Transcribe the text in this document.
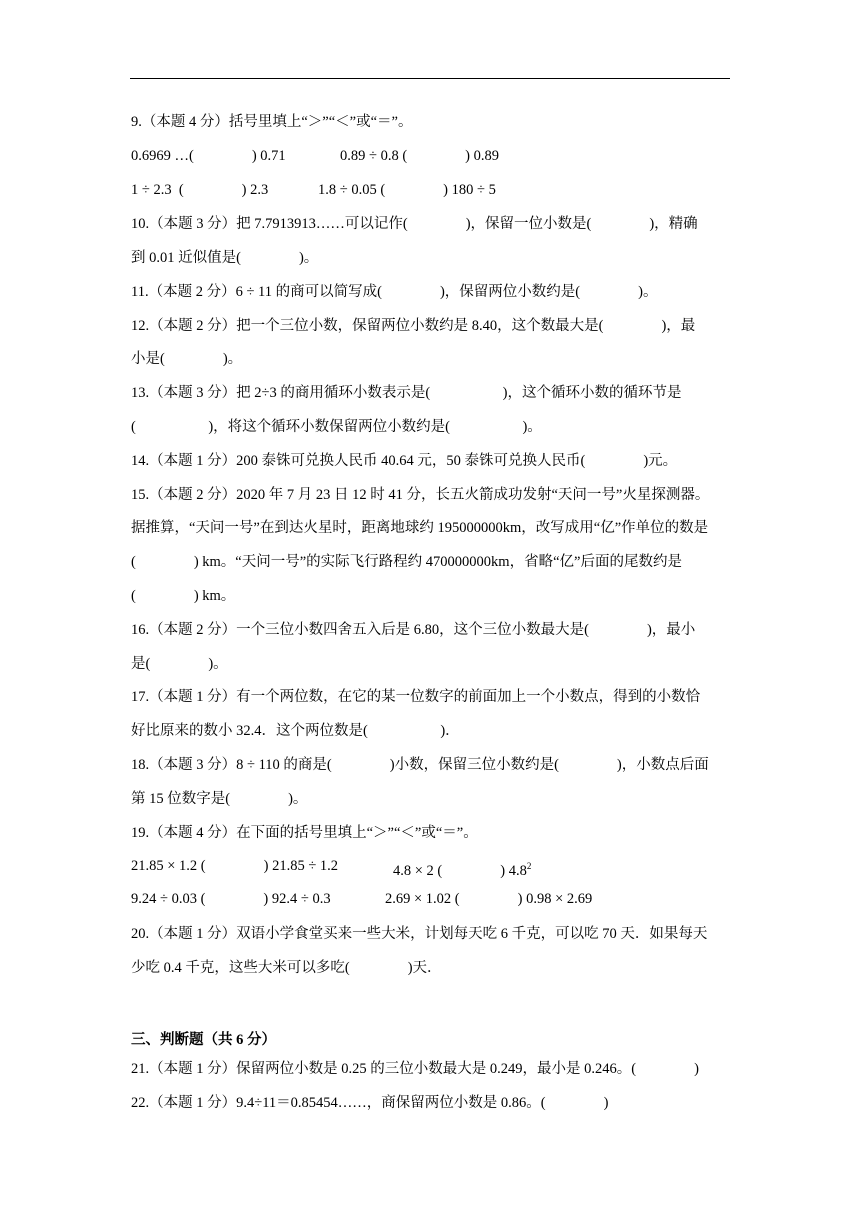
9.（本题 4 分）括号里填上“＞”“＜”或“＝”。
0.6969 …(　　　　) 0.71	0.89 ÷ 0.8 (　　　　) 0.89
1 ÷ 2.3  (　　　　) 2.3	1.8 ÷ 0.05 (　　　　) 180 ÷ 5
10.（本题 3 分）把 7.7913913……可以记作(　　　　)，保留一位小数是(　　　　)，精确
到 0.01 近似值是(　　　　)。
11.（本题 2 分）6 ÷ 11 的商可以简写成(　　　　)，保留两位小数约是(　　　　)。
12.（本题 2 分）把一个三位小数，保留两位小数约是 8.40，这个数最大是(　　　　)，最
小是(　　　　)。
13.（本题 3 分）把 2÷3 的商用循环小数表示是(　　　　　)，这个循环小数的循环节是
(　　　　　)，将这个循环小数保留两位小数约是(　　　　　)。
14.（本题 1 分）200 泰铢可兑换人民币 40.64 元，50 泰铢可兑换人民币(　　　　)元。
15.（本题 2 分）2020 年 7 月 23 日 12 时 41 分，长五火箭成功发射“天问一号”火星探测器。
据推算，“天问一号”在到达火星时，距离地球约 195000000km，改写成用“亿”作单位的数是
(　　　　) km。“天问一号”的实际飞行路程约 470000000km，省略“亿”后面的尾数约是
(　　　　) km。
16.（本题 2 分）一个三位小数四舍五入后是 6.80，这个三位小数最大是(　　　　)，最小
是(　　　　)。
17.（本题 1 分）有一个两位数，在它的某一位数字的前面加上一个小数点，得到的小数恰
好比原来的数小 32.4．这个两位数是(　　　　　)．
18.（本题 3 分）8 ÷ 110 的商是(　　　　)小数，保留三位小数约是(　　　　)，小数点后面
第 15 位数字是(　　　　)。
19.（本题 4 分）在下面的括号里填上“＞”“＜”或“＝”。
21.85 × 1.2 (　　　　) 21.85 ÷ 1.2	4.8 × 2 (　　　　) $4.8^2$
9.24 ÷ 0.03 (　　　　) 92.4 ÷ 0.3	2.69 × 1.02 (　　　　) 0.98 × 2.69
20.（本题 1 分）双语小学食堂买来一些大米，计划每天吃 6 千克，可以吃 70 天．如果每天
少吃 0.4 千克，这些大米可以多吃(　　　　)天．
三、判断题（共 6 分）
21.（本题 1 分）保留两位小数是 0.25 的三位小数最大是 0.249，最小是 0.246。(　　　　)
22.（本题 1 分）9.4÷11＝0.85454……，商保留两位小数是 0.86。(　　　　)
